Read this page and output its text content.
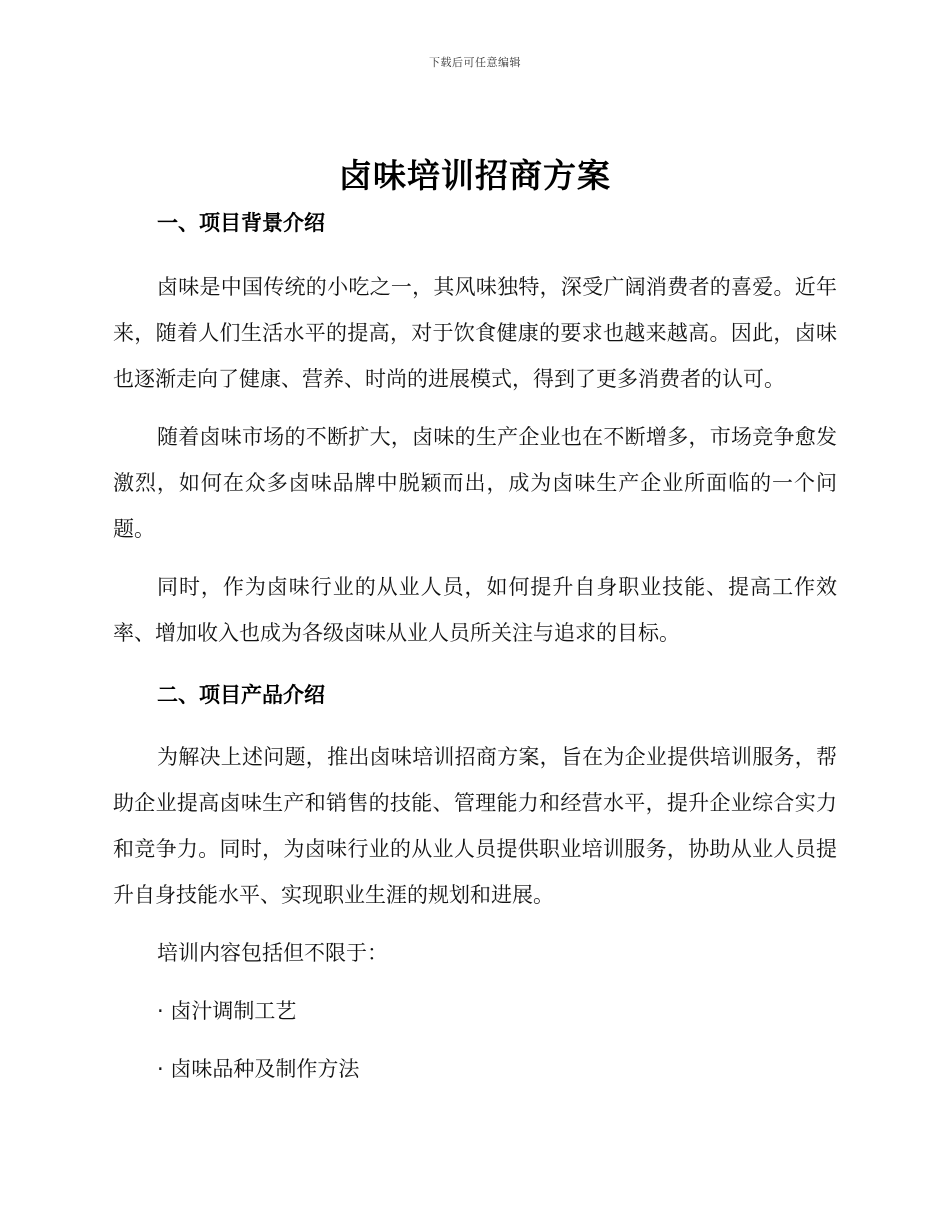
下载后可任意编辑
卤味培训招商方案
一、项目背景介绍

卤味是中国传统的小吃之一，其风味独特，深受广阔消费者的喜爱。近年来，随着人们生活水平的提高，对于饮食健康的要求也越来越高。因此，卤味也逐渐走向了健康、营养、时尚的进展模式，得到了更多消费者的认可。

随着卤味市场的不断扩大，卤味的生产企业也在不断增多，市场竞争愈发激烈，如何在众多卤味品牌中脱颖而出，成为卤味生产企业所面临的一个问题。

同时，作为卤味行业的从业人员，如何提升自身职业技能、提高工作效率、增加收入也成为各级卤味从业人员所关注与追求的目标。

二、项目产品介绍

为解决上述问题，推出卤味培训招商方案，旨在为企业提供培训服务，帮助企业提高卤味生产和销售的技能、管理能力和经营水平，提升企业综合实力和竞争力。同时，为卤味行业的从业人员提供职业培训服务，协助从业人员提升自身技能水平、实现职业生涯的规划和进展。

培训内容包括但不限于：

· 卤汁调制工艺
· 卤味品种及制作方法
